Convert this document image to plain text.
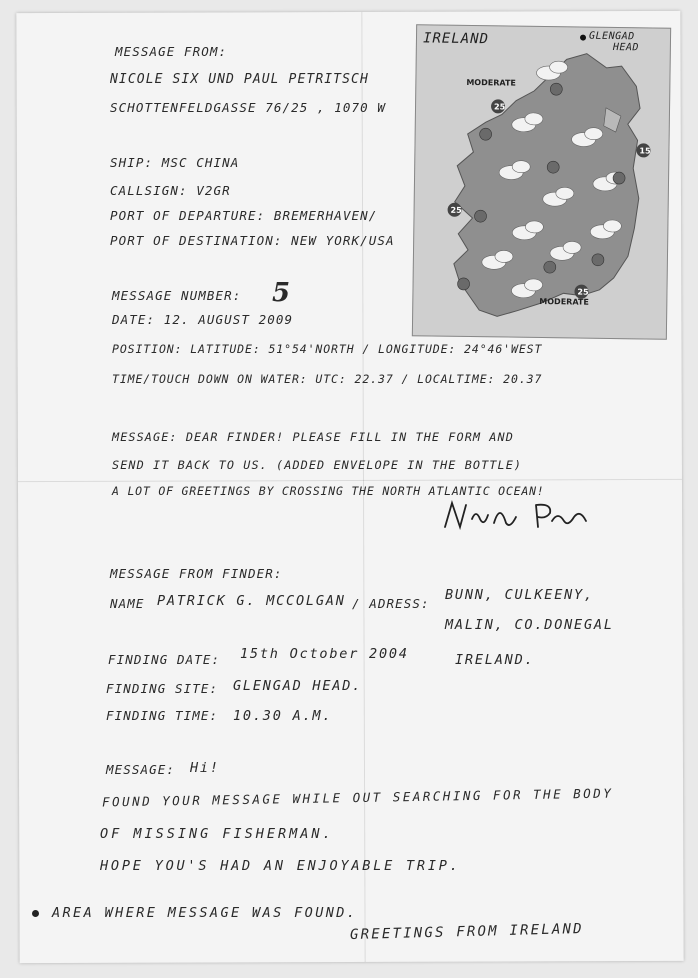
MESSAGE FROM:
NICOLE SIX UND PAUL PETRITSCH
SCHOTTENFELDGASSE 76/25 , 1070 W
SHIP: MSC CHINA
CALLSIGN: V2GR
PORT OF DEPARTURE: BREMERHAVEN/
PORT OF DESTINATION: NEW YORK/USA
MESSAGE NUMBER: 5
DATE: 12. AUGUST 2009
POSITION: LATITUDE: 51°54'NORTH / LONGITUDE: 24°46'WEST
TIME/TOUCH DOWN ON WATER: UTC: 22.37 / LOCALTIME: 20.37
MESSAGE: DEAR FINDER! PLEASE FILL IN THE FORM AND
SEND IT BACK TO US. (ADDED ENVELOPE IN THE BOTTLE)
A LOT OF GREETINGS BY CROSSING THE NORTH ATLANTIC OCEAN!
MESSAGE FROM FINDER:
NAME PATRICK G. MCCOLGAN / ADRESS:
BUNN, CULKEENY,
MALIN, CO.DONEGAL
IRELAND.
FINDING DATE: 15th October 2004
FINDING SITE: GLENGAD HEAD.
FINDING TIME: 10.30 A.M.
MESSAGE: Hi!
FOUND YOUR MESSAGE WHILE OUT SEARCHING FOR THE BODY
OF MISSING FISHERMAN.
HOPE YOU'S HAD AN ENJOYABLE TRIP.
AREA WHERE MESSAGE WAS FOUND.
GREETINGS FROM IRELAND
IRELAND	GLENGAD
HEAD
MODERATE
MODERATE
25
15
25
25
